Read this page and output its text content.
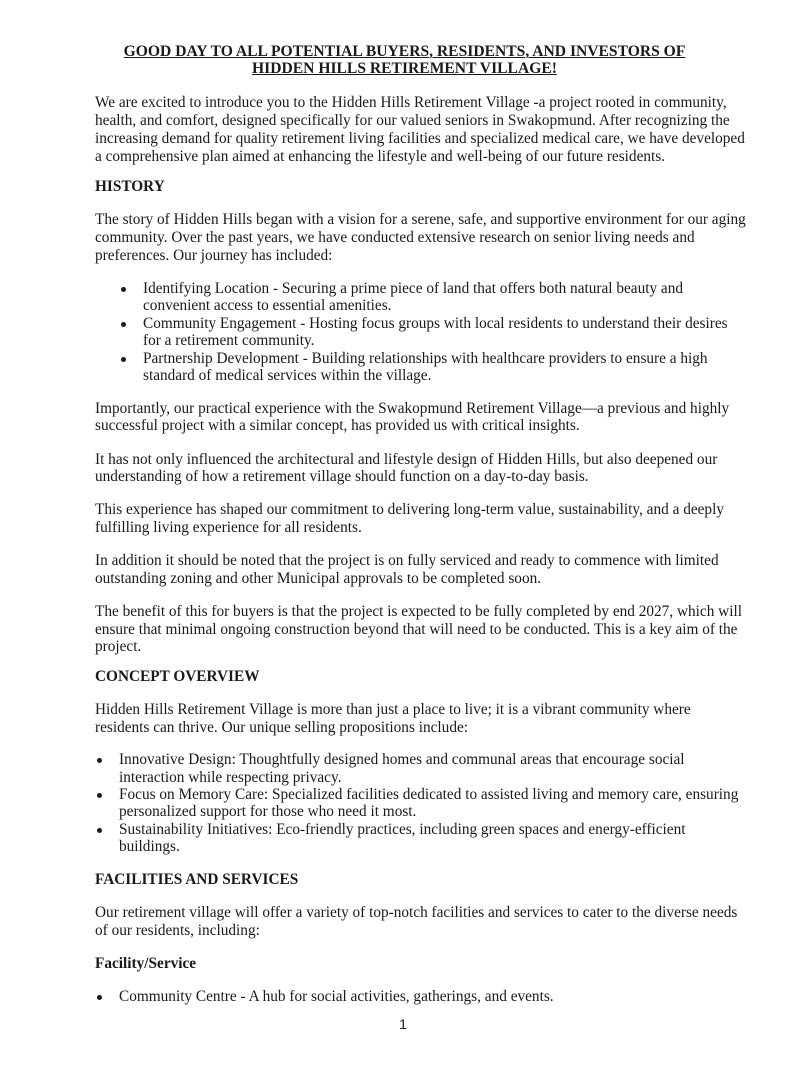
GOOD DAY TO ALL POTENTIAL BUYERS, RESIDENTS, AND INVESTORS OF
HIDDEN HILLS RETIREMENT VILLAGE!
We are excited to introduce you to the Hidden Hills Retirement Village -a project rooted in community,
health, and comfort, designed specifically for our valued seniors in Swakopmund. After recognizing the
increasing demand for quality retirement living facilities and specialized medical care, we have developed
a comprehensive plan aimed at enhancing the lifestyle and well-being of our future residents.
HISTORY
The story of Hidden Hills began with a vision for a serene, safe, and supportive environment for our aging
community. Over the past years, we have conducted extensive research on senior living needs and
preferences. Our journey has included:
Identifying Location - Securing a prime piece of land that offers both natural beauty and
convenient access to essential amenities.
Community Engagement - Hosting focus groups with local residents to understand their desires
for a retirement community.
Partnership Development - Building relationships with healthcare providers to ensure a high
standard of medical services within the village.
Importantly, our practical experience with the Swakopmund Retirement Village—a previous and highly
successful project with a similar concept, has provided us with critical insights.
It has not only influenced the architectural and lifestyle design of Hidden Hills, but also deepened our
understanding of how a retirement village should function on a day-to-day basis.
This experience has shaped our commitment to delivering long-term value, sustainability, and a deeply
fulfilling living experience for all residents.
In addition it should be noted that the project is on fully serviced and ready to commence with limited
outstanding zoning and other Municipal approvals to be completed soon.
The benefit of this for buyers is that the project is expected to be fully completed by end 2027, which will
ensure that minimal ongoing construction beyond that will need to be conducted. This is a key aim of the
project.
CONCEPT OVERVIEW
Hidden Hills Retirement Village is more than just a place to live; it is a vibrant community where
residents can thrive. Our unique selling propositions include:
Innovative Design: Thoughtfully designed homes and communal areas that encourage social
interaction while respecting privacy.
Focus on Memory Care: Specialized facilities dedicated to assisted living and memory care, ensuring
personalized support for those who need it most.
Sustainability Initiatives: Eco-friendly practices, including green spaces and energy-efficient
buildings.
FACILITIES AND SERVICES
Our retirement village will offer a variety of top-notch facilities and services to cater to the diverse needs
of our residents, including:
Facility/Service
Community Centre - A hub for social activities, gatherings, and events.
1
